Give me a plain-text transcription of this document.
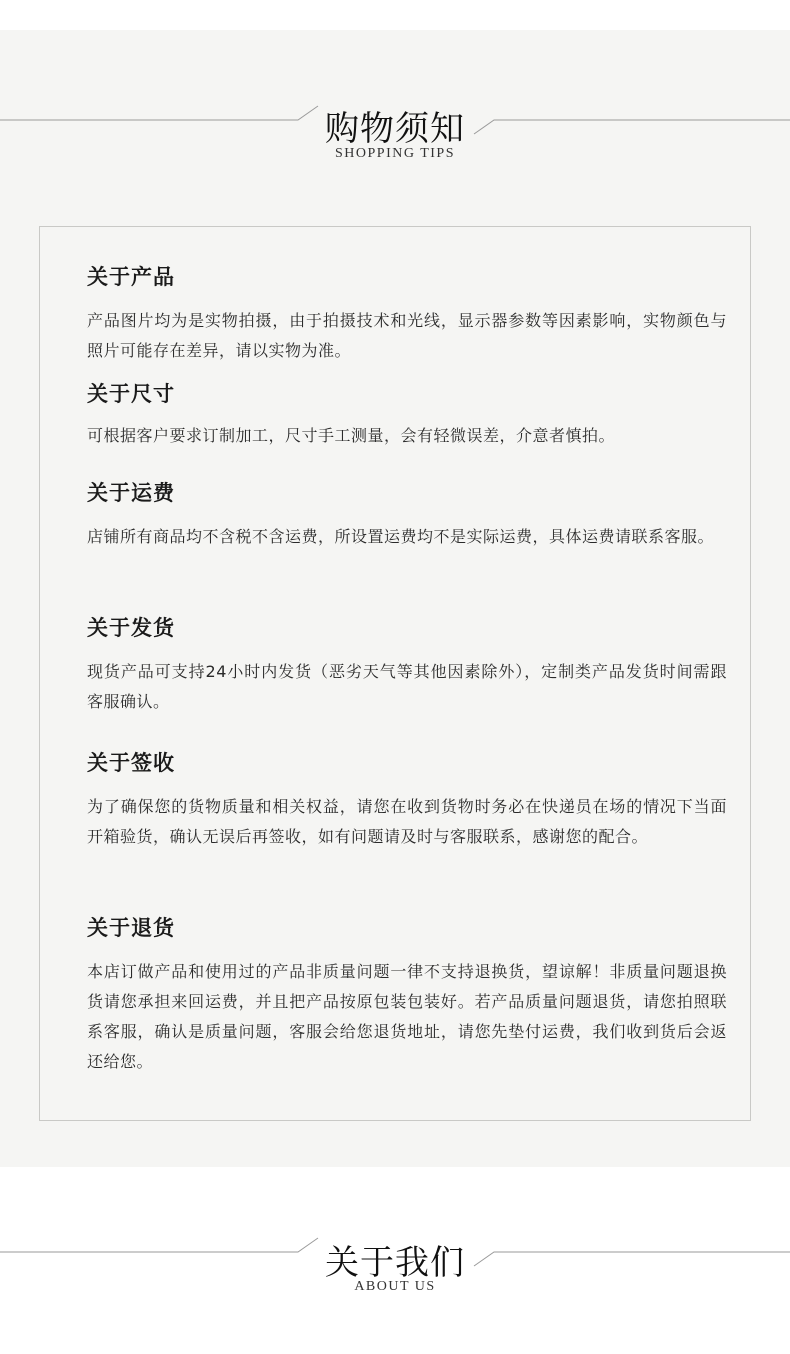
购物须知
SHOPPING TIPS
关于产品

产品图片均为是实物拍摄，由于拍摄技术和光线，显示器参数等因素影响，实物颜色与照片可能存在差异，请以实物为准。

关于尺寸

可根据客户要求订制加工，尺寸手工测量，会有轻微误差，介意者慎拍。

关于运费

店铺所有商品均不含税不含运费，所设置运费均不是实际运费，具体运费请联系客服。

关于发货

现货产品可支持24小时内发货（恶劣天气等其他因素除外），定制类产品发货时间需跟客服确认。

关于签收

为了确保您的货物质量和相关权益，请您在收到货物时务必在快递员在场的情况下当面开箱验货，确认无误后再签收，如有问题请及时与客服联系，感谢您的配合。

关于退货

本店订做产品和使用过的产品非质量问题一律不支持退换货，望谅解！非质量问题退换货请您承担来回运费，并且把产品按原包装包装好。若产品质量问题退货，请您拍照联系客服，确认是质量问题，客服会给您退货地址，请您先垫付运费，我们收到货后会返还给您。

关于我们
ABOUT US
